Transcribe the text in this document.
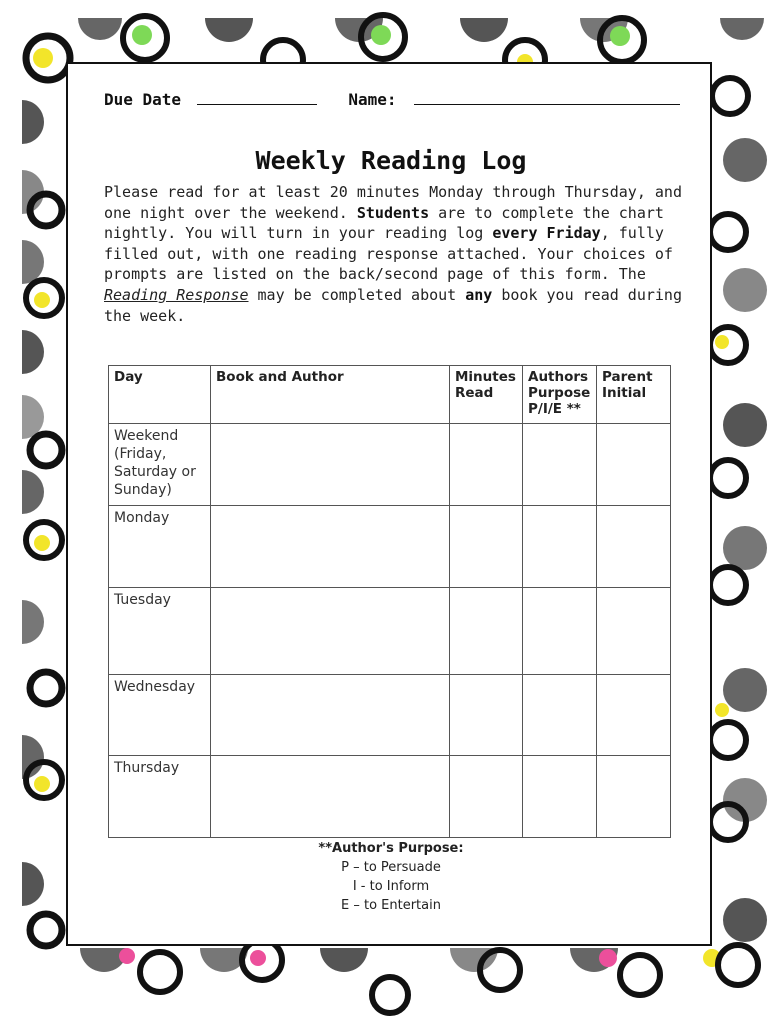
Due Date	Name:
Weekly Reading Log
Please read for at least 20 minutes Monday through Thursday, and one night over the weekend. Students are to complete the chart nightly. You will turn in your reading log every Friday, fully filled out, with one reading response attached. Your choices of prompts are listed on the back/second page of this form. The Reading Response may be completed about any book you read during the week.
Day	Book and Author	Minutes Read	Authors Purpose P/I/E **	Parent Initial
Weekend (Friday, Saturday or Sunday)				
Monday				
Tuesday				
Wednesday				
Thursday				
**Author's Purpose:
P – to Persuade
I - to Inform
E – to Entertain
